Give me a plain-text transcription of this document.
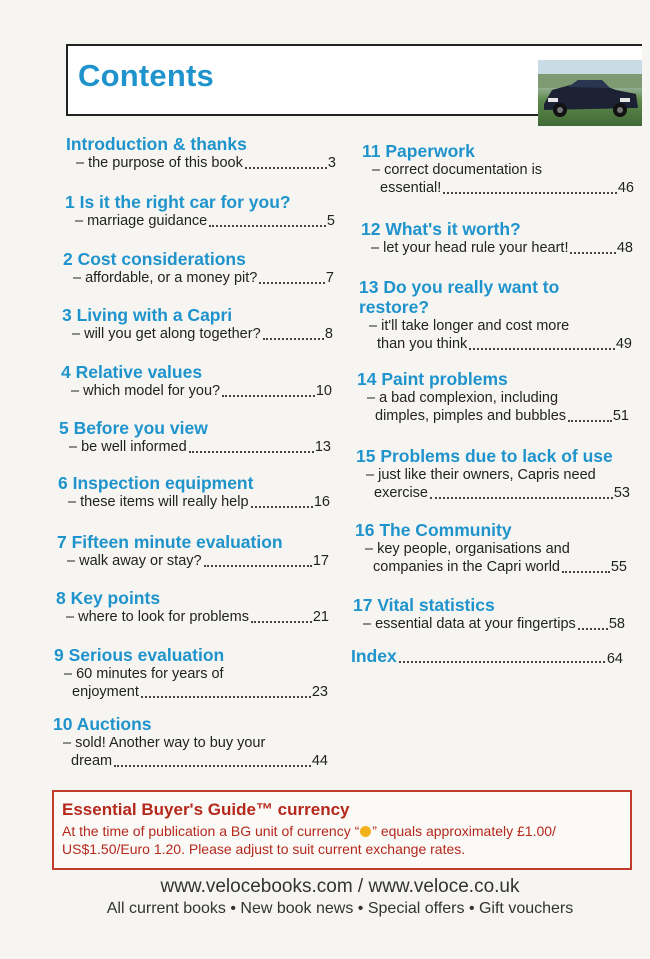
Contents
Introduction & thanks
– the purpose of this book	3
1 Is it the right car for you?
– marriage guidance	5
2 Cost considerations
– affordable, or a money pit?	7
3 Living with a Capri
– will you get along together?	8
4 Relative values
– which model for you?	10
5 Before you view
– be well informed	13
6 Inspection equipment
– these items will really help	16
7 Fifteen minute evaluation
– walk away or stay?	17
8 Key points
– where to look for problems	21
9 Serious evaluation
– 60 minutes for years of
enjoyment	23
10 Auctions
– sold! Another way to buy your
dream	44
11 Paperwork
– correct documentation is
essential!	46
12 What's it worth?
– let your head rule your heart!	48
13 Do you really want to
restore?
– it'll take longer and cost more
than you think	49
14 Paint problems
– a bad complexion, including
dimples, pimples and bubbles	51
15 Problems due to lack of use
– just like their owners, Capris need
exercise	53
16 The Community
– key people, organisations and
companies in the Capri world	55
17 Vital statistics
– essential data at your fingertips 58
Index	64
Essential Buyer's Guide™ currency
At the time of publication a BG unit of currency “ ” equals approximately £1.00/
US$1.50/Euro 1.20. Please adjust to suit current exchange rates.
www.velocebooks.com / www.veloce.co.uk
All current books • New book news • Special offers • Gift vouchers
